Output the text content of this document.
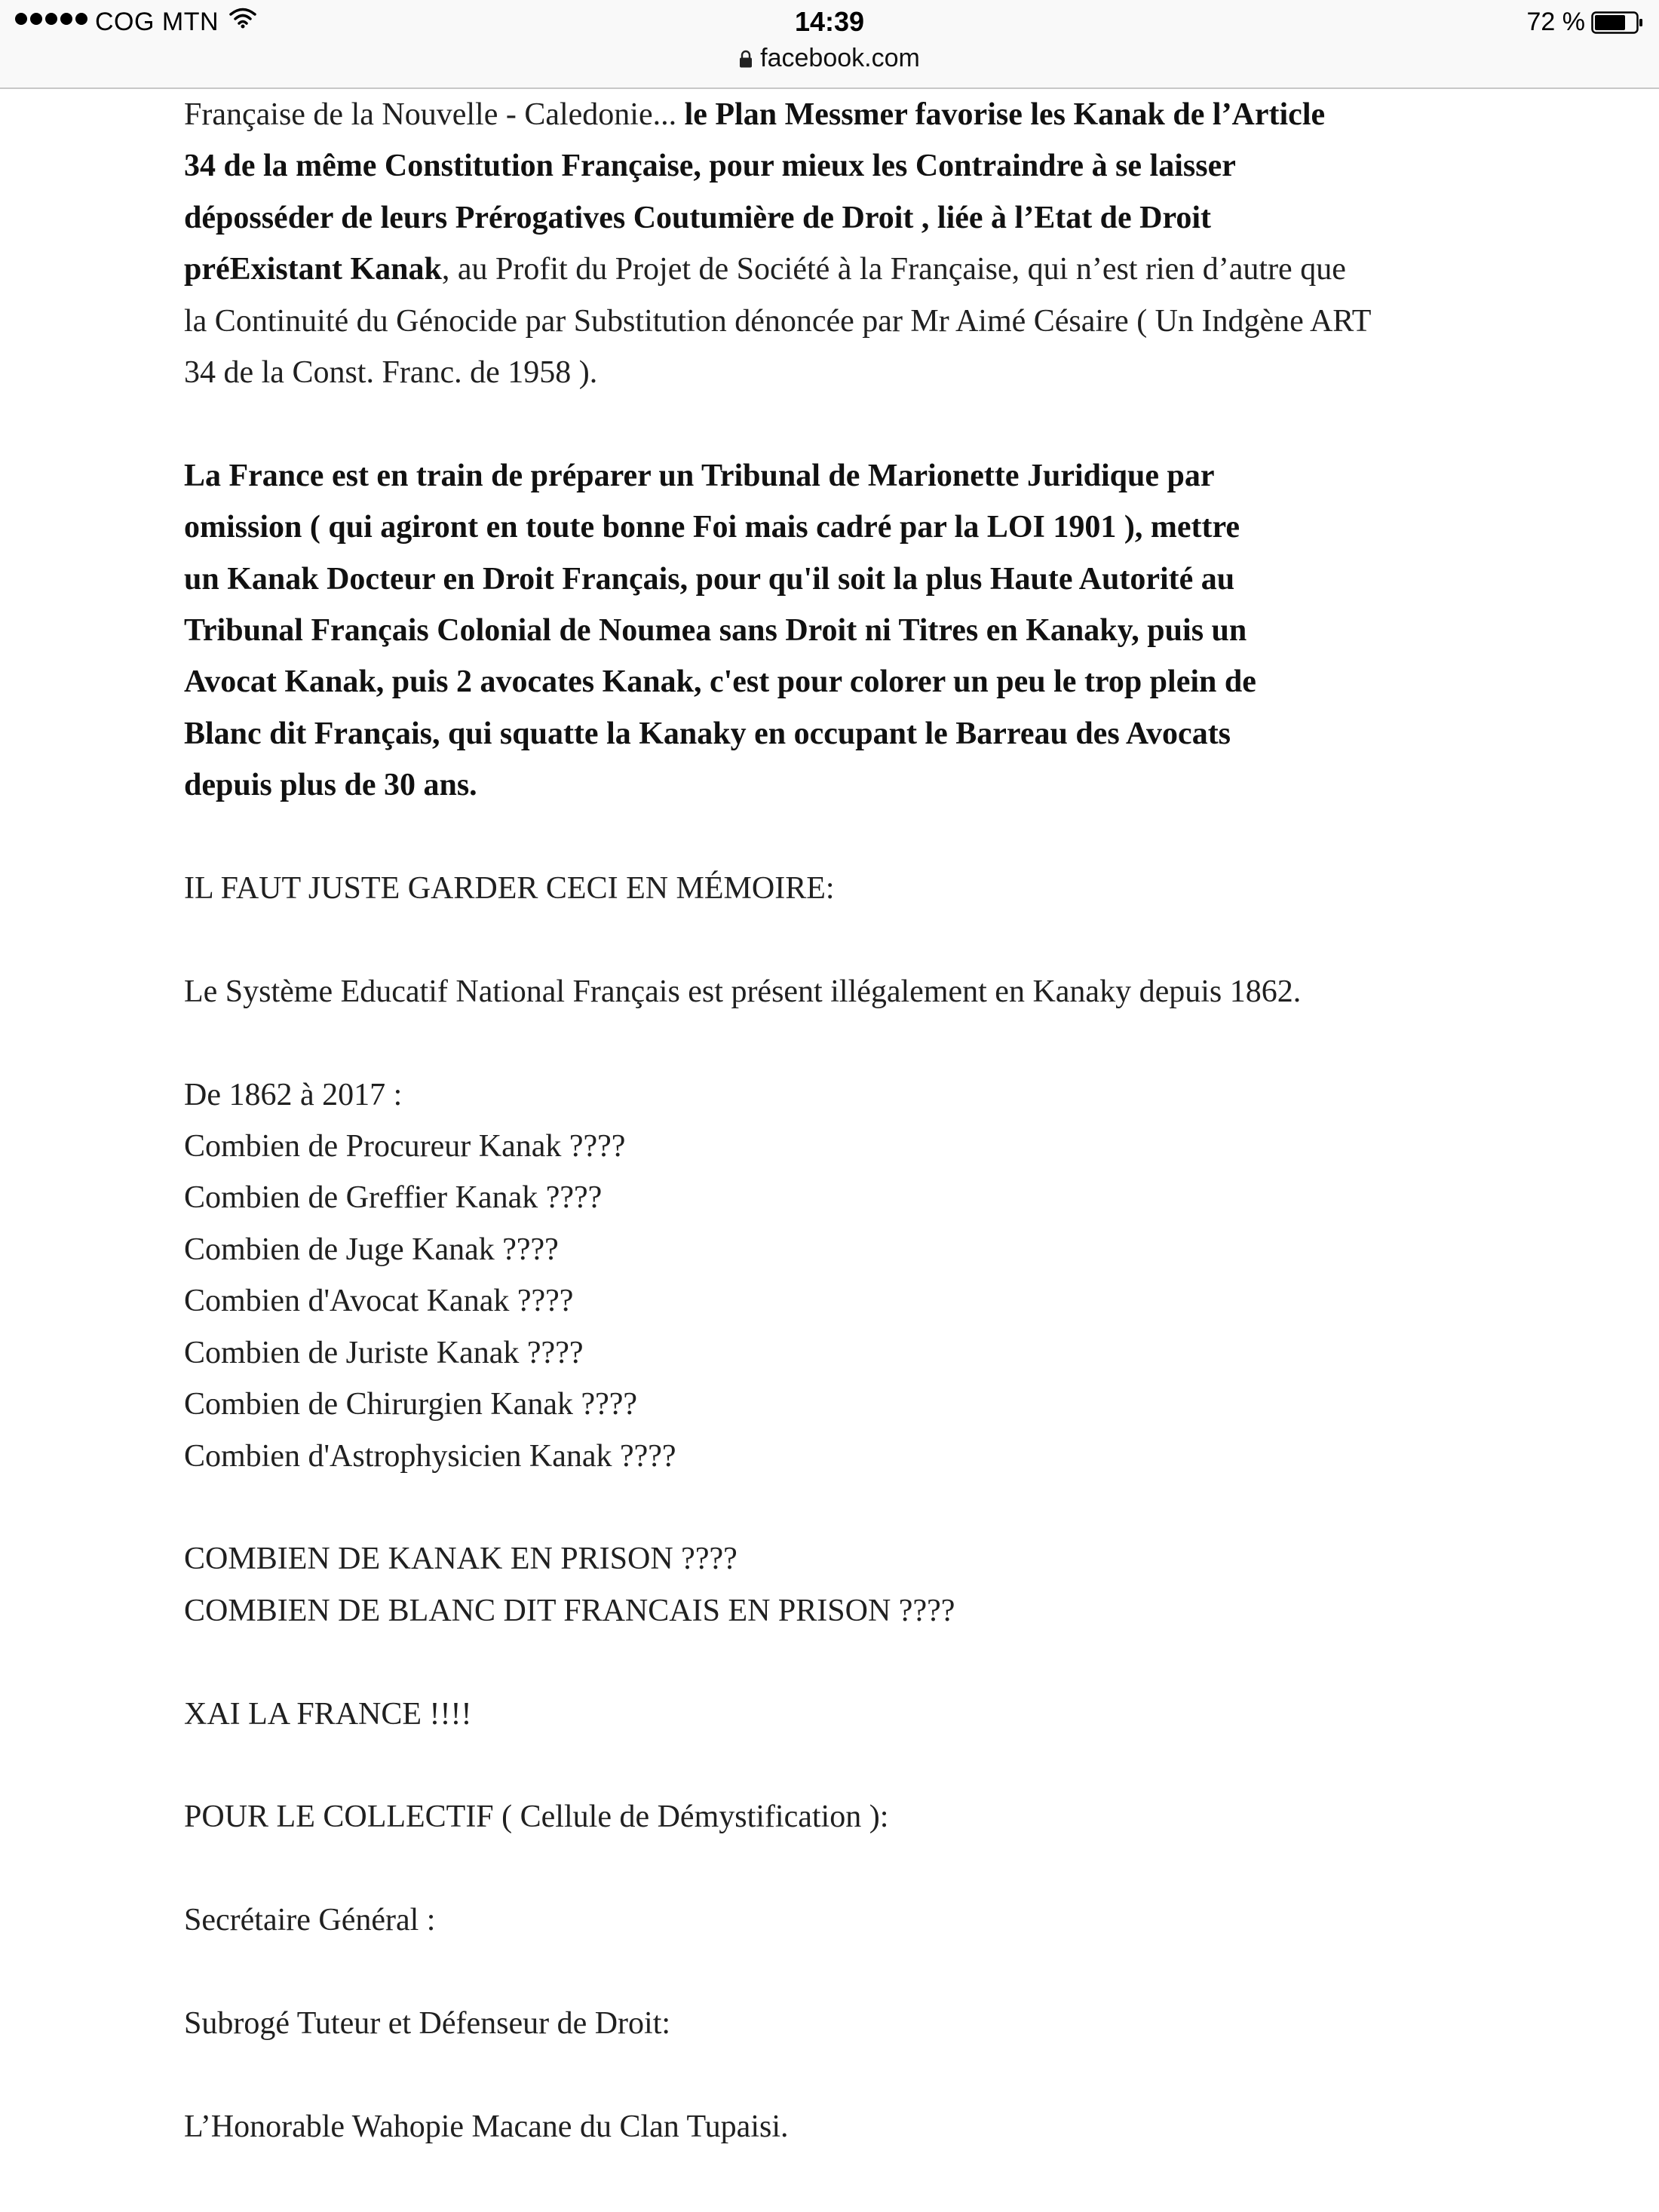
COG MTN	14:39	72 %
facebook.com
Française de la Nouvelle - Caledonie... le Plan Messmer favorise les Kanak de l’Article
34 de la même Constitution Française, pour mieux les Contraindre à se laisser
déposséder de leurs Prérogatives Coutumière de Droit , liée à l’Etat de Droit
préExistant Kanak, au Profit du Projet de Société à la Française, qui n’est rien d’autre que
la Continuité du Génocide par Substitution dénoncée par Mr Aimé Césaire ( Un Indgène ART
34 de la Const. Franc. de 1958 ).
La France est en train de préparer un Tribunal de Marionette Juridique par
omission ( qui agiront en toute bonne Foi mais cadré par la LOI 1901 ), mettre
un Kanak Docteur en Droit Français, pour qu'il soit la plus Haute Autorité au
Tribunal Français Colonial de Noumea sans Droit ni Titres en Kanaky, puis un
Avocat Kanak, puis 2 avocates Kanak, c'est pour colorer un peu le trop plein de
Blanc dit Français, qui squatte la Kanaky en occupant le Barreau des Avocats
depuis plus de 30 ans.
IL FAUT JUSTE GARDER CECI EN MÉMOIRE:
Le Système Educatif National Français est présent illégalement en Kanaky depuis 1862.
De 1862 à 2017 :
Combien de Procureur Kanak ????
Combien de Greffier Kanak ????
Combien de Juge Kanak ????
Combien d'Avocat Kanak ????
Combien de Juriste Kanak ????
Combien de Chirurgien Kanak ????
Combien d'Astrophysicien Kanak ????
COMBIEN DE KANAK EN PRISON ????
COMBIEN DE BLANC DIT FRANCAIS EN PRISON ????
XAI LA FRANCE !!!!
POUR LE COLLECTIF ( Cellule de Démystification ):
Secrétaire Général :
Subrogé Tuteur et Défenseur de Droit:
L’Honorable Wahopie Macane du Clan Tupaisi.
